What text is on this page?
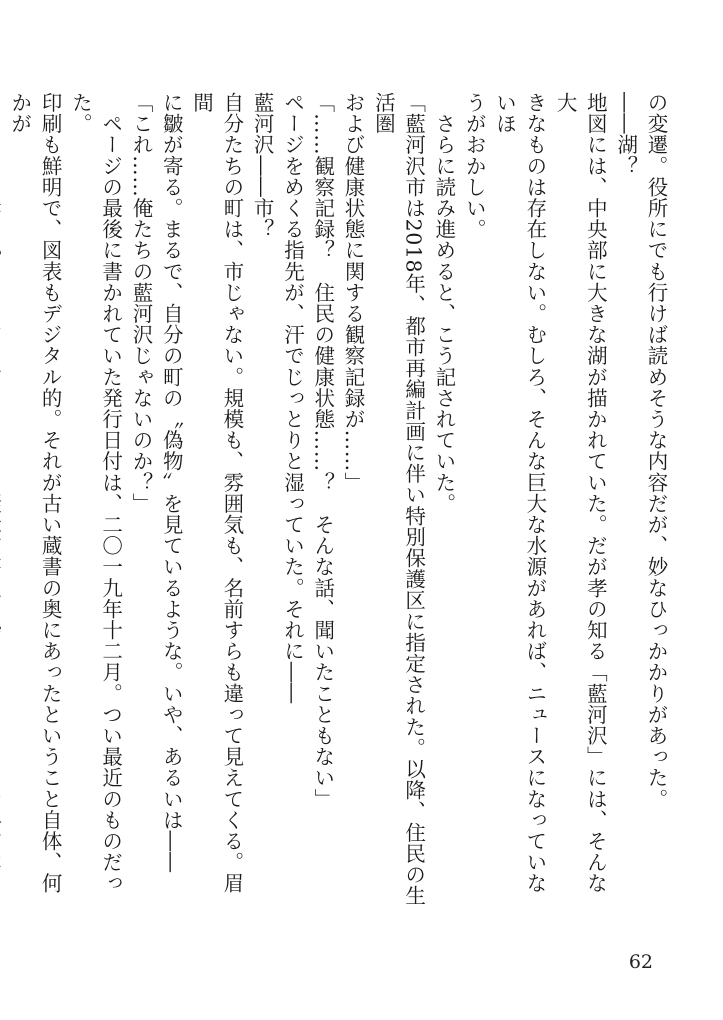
の変遷。役所にでも行けば読めそうな内容だが、妙なひっかかりがあった。

――湖？

地図には、中央部に大きな湖が描かれていた。だが孝の知る「藍河沢」には、そんな大

きなものは存在しない。むしろ、そんな巨大な水源があれば、ニュースになっていないほ

うがおかしい。

　さらに読み進めると、こう記されていた。

「藍河沢市は2018年、都市再編計画に伴い特別保護区に指定された。以降、住民の生活圏

および健康状態に関する観察記録が……」

「……観察記録？　住民の健康状態……？　そんな話、聞いたこともない」

ページをめくる指先が、汗でじっとりと湿っていた。それに――

藍河沢――市？

自分たちの町は、市じゃない。規模も、雰囲気も、名前すらも違って見えてくる。眉間

に皺が寄る。まるで、自分の町の〝偽物〟を見ているような。いや、あるいは――

「これ……俺たちの藍河沢じゃないのか？」

　ページの最後に書かれていた発行日付は、二〇一九年十二月。つい最近のものだった。

印刷も鮮明で、図表もデジタル的。それが古い蔵書の奥にあったということ自体、何かが

62
